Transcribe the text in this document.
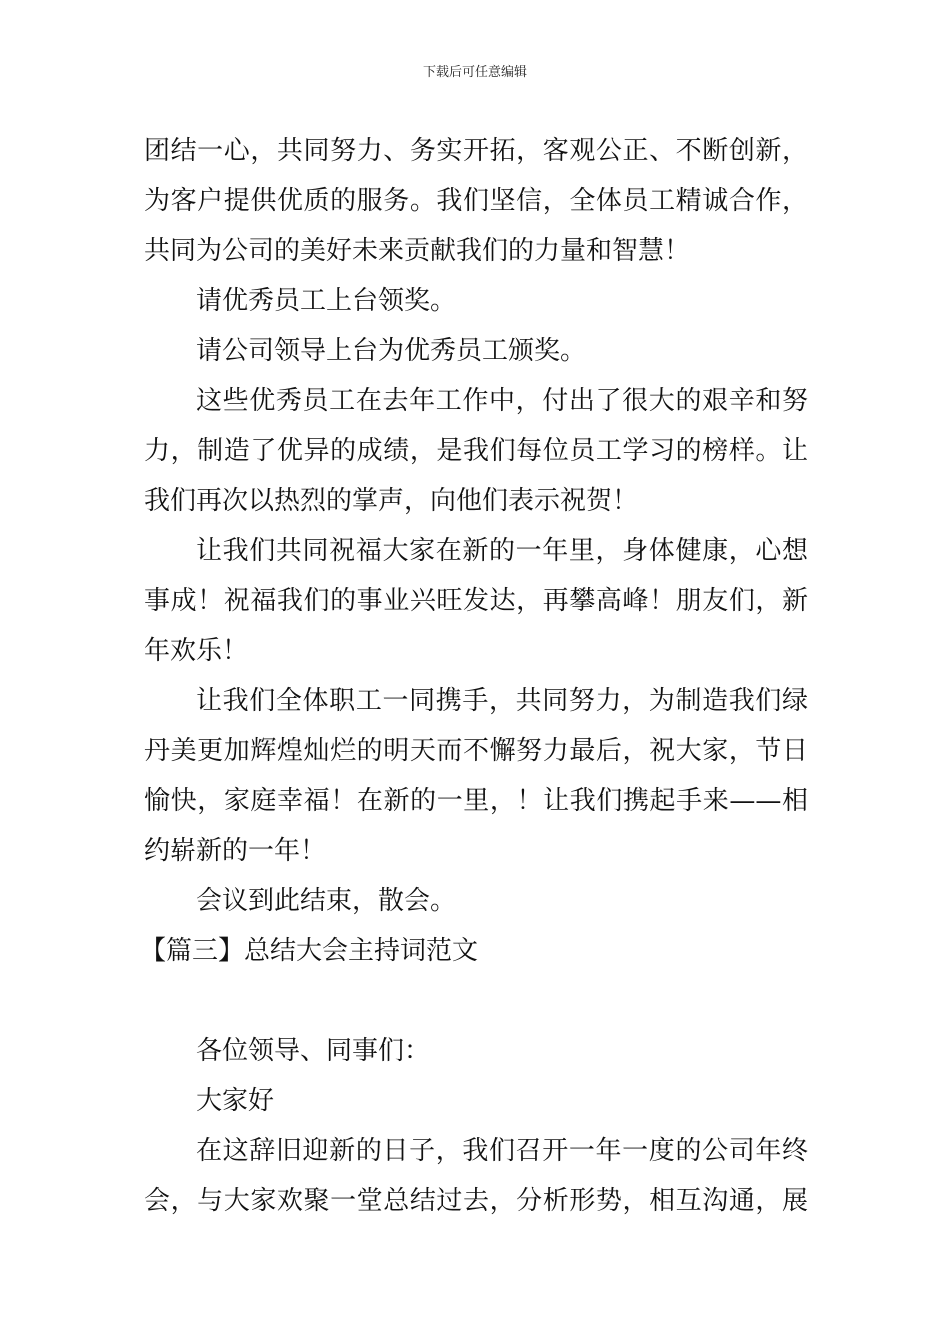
下载后可任意编辑
团结一心，共同努力、务实开拓，客观公正、不断创新，
为客户提供优质的服务。我们坚信，全体员工精诚合作，
共同为公司的美好未来贡献我们的力量和智慧！
请优秀员工上台领奖。
请公司领导上台为优秀员工颁奖。
这些优秀员工在去年工作中，付出了很大的艰辛和努
力，制造了优异的成绩，是我们每位员工学习的榜样。让
我们再次以热烈的掌声，向他们表示祝贺！
让我们共同祝福大家在新的一年里，身体健康，心想
事成！祝福我们的事业兴旺发达，再攀高峰！朋友们，新
年欢乐！
让我们全体职工一同携手，共同努力，为制造我们绿
丹美更加辉煌灿烂的明天而不懈努力最后，祝大家，节日
愉快，家庭幸福！在新的一里，！让我们携起手来——相
约崭新的一年！
会议到此结束，散会。
【篇三】总结大会主持词范文
各位领导、同事们：
大家好
在这辞旧迎新的日子，我们召开一年一度的公司年终
会，与大家欢聚一堂总结过去，分析形势，相互沟通，展
